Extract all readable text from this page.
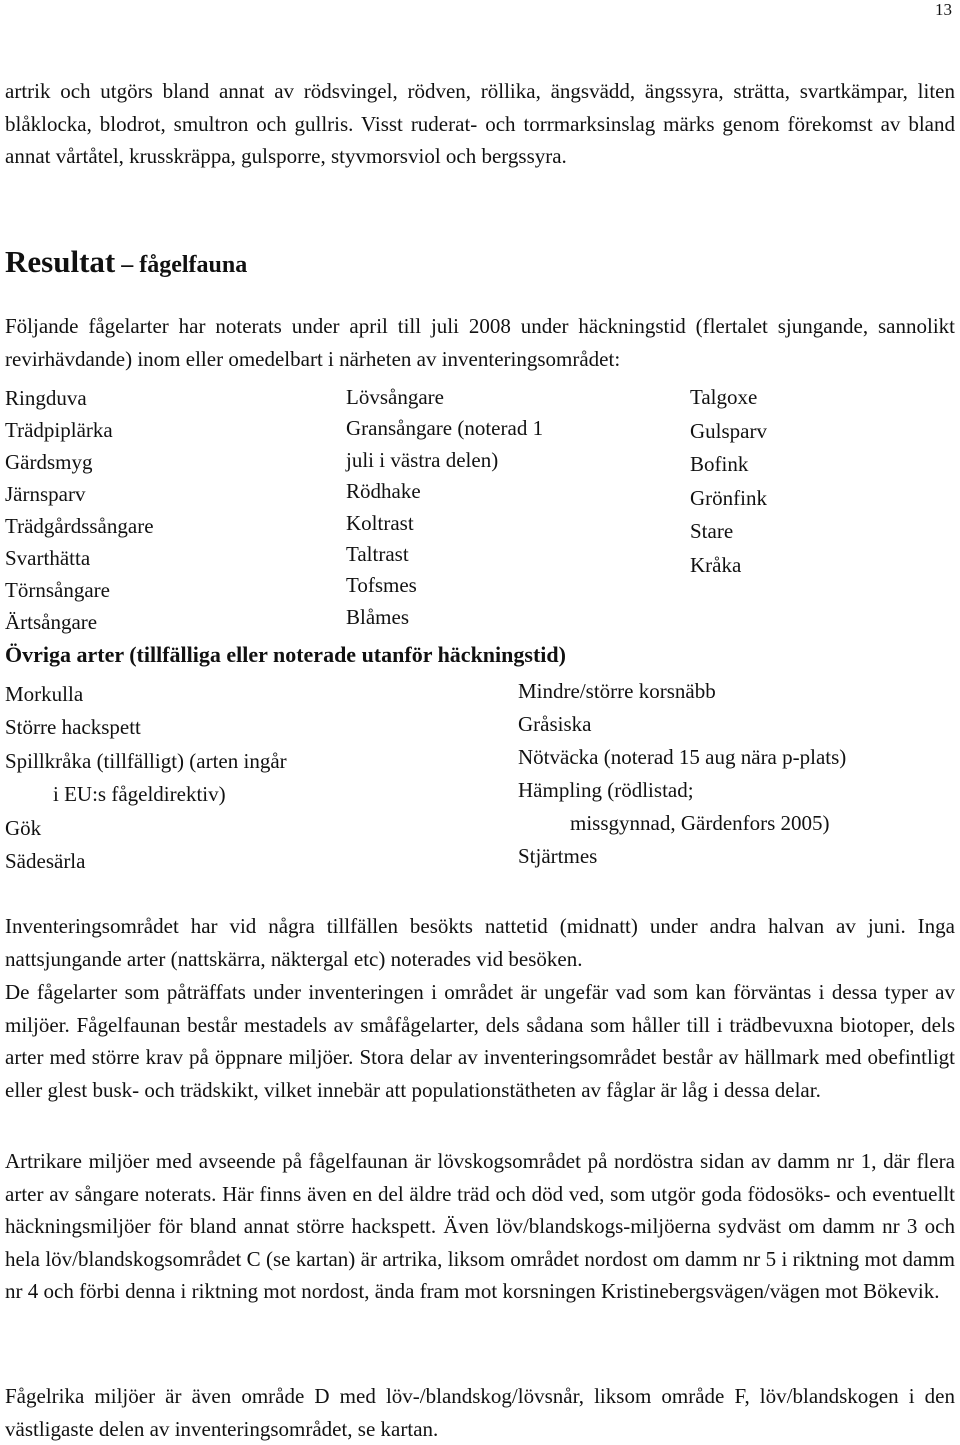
13

artrik och utgörs bland annat av rödsvingel, rödven, röllika, ängsvädd, ängssyra, strätta, svartkämpar, liten blåklocka, blodrot, smultron och gullris. Visst ruderat- och torrmarksinslag märks genom förekomst av bland annat vårtåtel, krusskräppa, gulsporre, styvmorsviol och bergssyra.

Resultat – fågelfauna

Följande fågelarter har noterats under april till juli 2008 under häckningstid (flertalet sjungande, sannolikt revirhävdande) inom eller omedelbart i närheten av inventeringsområdet:

Ringduva
Trädpiplärka
Gärdsmyg
Järnsparv
Trädgårdssångare
Svarthätta
Törnsångare
Ärtsångare
Lövsångare
Gransångare (noterad 1
juli i västra delen)
Rödhake
Koltrast
Taltrast
Tofsmes
Blåmes
Talgoxe
Gulsparv
Bofink
Grönfink
Stare
Kråka
Övriga arter (tillfälliga eller noterade utanför häckningstid)
Morkulla
Större hackspett
Spillkråka (tillfälligt) (arten ingår
i EU:s fågeldirektiv)
Gök
Sädesärla
Mindre/större korsnäbb
Gråsiska
Nötväcka (noterad 15 aug nära p-plats)
Hämpling (rödlistad;
missgynnad, Gärdenfors 2005)
Stjärtmes

Inventeringsområdet har vid några tillfällen besökts nattetid (midnatt) under andra halvan av juni. Inga nattsjungande arter (nattskärra, näktergal etc) noterades vid besöken.

De fågelarter som påträffats under inventeringen i området är ungefär vad som kan förväntas i dessa typer av miljöer. Fågelfaunan består mestadels av småfågelarter, dels sådana som håller till i trädbevuxna biotoper, dels arter med större krav på öppnare miljöer. Stora delar av inventeringsområdet består av hällmark med obefintligt eller glest busk- och trädskikt, vilket innebär att populationstätheten av fåglar är låg i dessa delar.

Artrikare miljöer med avseende på fågelfaunan är lövskogsområdet på nordöstra sidan av damm nr 1, där flera arter av sångare noterats. Här finns även en del äldre träd och död ved, som utgör goda födosöks- och eventuellt häckningsmiljöer för bland annat större hackspett. Även löv/blandskogs-miljöerna sydväst om damm nr 3 och hela löv/blandskogsområdet C (se kartan) är artrika, liksom området nordost om damm nr 5 i riktning mot damm nr 4 och förbi denna i riktning mot nordost, ända fram mot korsningen Kristinebergsvägen/vägen mot Bökevik.

Fågelrika miljöer är även område D med löv-/blandskog/lövsnår, liksom område F, löv/blandskogen i den västligaste delen av inventeringsområdet, se kartan.
